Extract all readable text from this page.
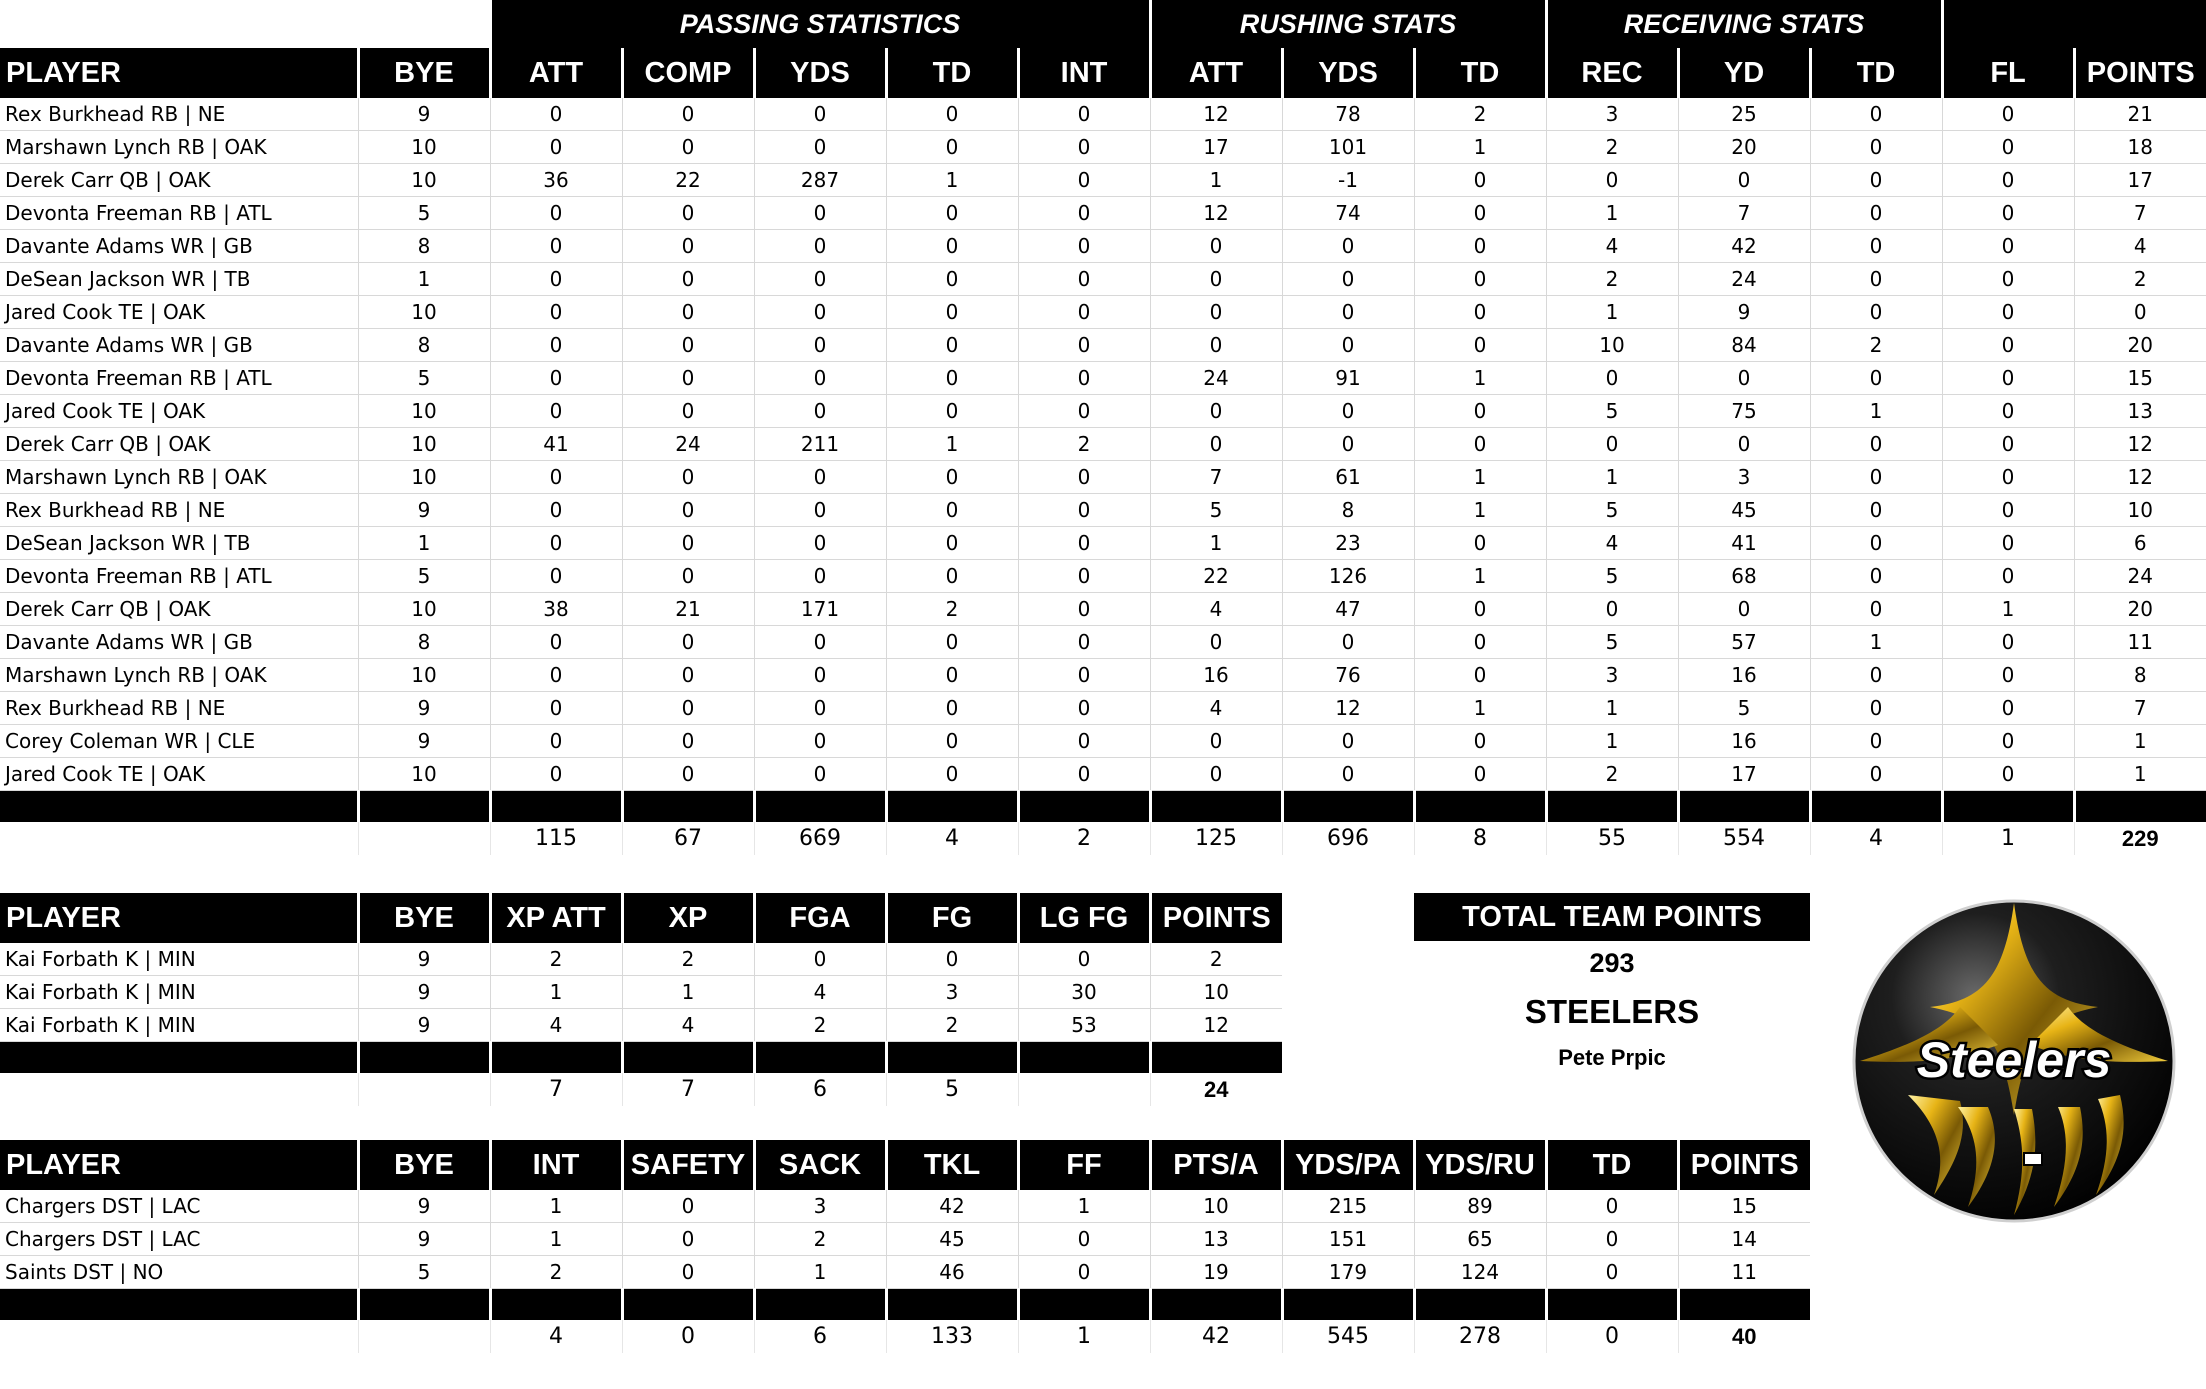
		PASSING STATISTICS					RUSHING STATS			RECEIVING STATS				
PLAYER	BYE	ATT	COMP	YDS	TD	INT	ATT	YDS	TD	REC	YD	TD	FL	POINTS
Rex Burkhead RB | NE	9	0	0	0	0	0	12	78	2	3	25	0	0	21
Marshawn Lynch RB | OAK	10	0	0	0	0	0	17	101	1	2	20	0	0	18
Derek Carr QB | OAK	10	36	22	287	1	0	1	-1	0	0	0	0	0	17
Devonta Freeman RB | ATL	5	0	0	0	0	0	12	74	0	1	7	0	0	7
Davante Adams WR | GB	8	0	0	0	0	0	0	0	0	4	42	0	0	4
DeSean Jackson WR | TB	1	0	0	0	0	0	0	0	0	2	24	0	0	2
Jared Cook TE | OAK	10	0	0	0	0	0	0	0	0	1	9	0	0	0
Davante Adams WR | GB	8	0	0	0	0	0	0	0	0	10	84	2	0	20
Devonta Freeman RB | ATL	5	0	0	0	0	0	24	91	1	0	0	0	0	15
Jared Cook TE | OAK	10	0	0	0	0	0	0	0	0	5	75	1	0	13
Derek Carr QB | OAK	10	41	24	211	1	2	0	0	0	0	0	0	0	12
Marshawn Lynch RB | OAK	10	0	0	0	0	0	7	61	1	1	3	0	0	12
Rex Burkhead RB | NE	9	0	0	0	0	0	5	8	1	5	45	0	0	10
DeSean Jackson WR | TB	1	0	0	0	0	0	1	23	0	4	41	0	0	6
Devonta Freeman RB | ATL	5	0	0	0	0	0	22	126	1	5	68	0	0	24
Derek Carr QB | OAK	10	38	21	171	2	0	4	47	0	0	0	0	1	20
Davante Adams WR | GB	8	0	0	0	0	0	0	0	0	5	57	1	0	11
Marshawn Lynch RB | OAK	10	0	0	0	0	0	16	76	0	3	16	0	0	8
Rex Burkhead RB | NE	9	0	0	0	0	0	4	12	1	1	5	0	0	7
Corey Coleman WR | CLE	9	0	0	0	0	0	0	0	0	1	16	0	0	1
Jared Cook TE | OAK	10	0	0	0	0	0	0	0	0	2	17	0	0	1

		115	67	669	4	2	125	696	8	55	554	4	1	229
PLAYER	BYE	XP ATT	XP	FGA	FG	LG FG	POINTS
Kai Forbath K | MIN	9	2	2	0	0	0	2
Kai Forbath K | MIN	9	1	1	4	3	30	10
Kai Forbath K | MIN	9	4	4	2	2	53	12

		7	7	6	5		24
PLAYER	BYE	INT	SAFETY	SACK	TKL	FF	PTS/A	YDS/PA	YDS/RU	TD	POINTS
Chargers DST | LAC	9	1	0	3	42	1	10	215	89	0	15
Chargers DST | LAC	9	1	0	2	45	0	13	151	65	0	14
Saints DST | NO	5	2	0	1	46	0	19	179	124	0	11

		4	0	6	133	1	42	545	278	0	40
TOTAL TEAM POINTS
293
STEELERS
Pete Prpic	Steelers
